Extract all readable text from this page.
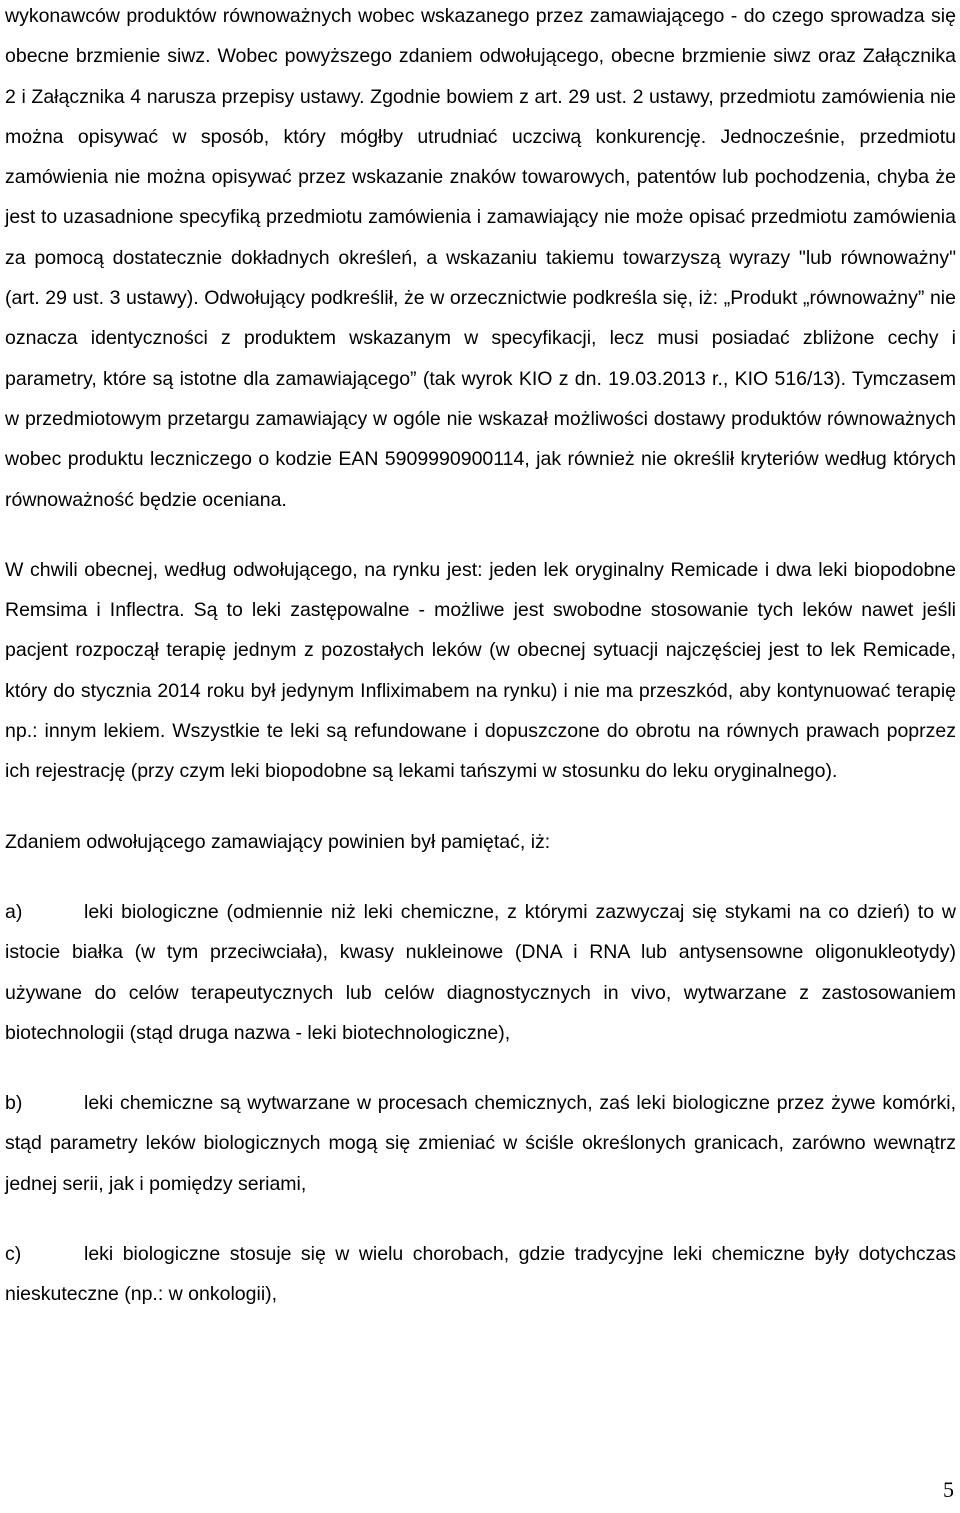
wykonawców produktów równoważnych wobec wskazanego przez zamawiającego - do czego sprowadza się obecne brzmienie siwz. Wobec powyższego zdaniem odwołującego, obecne brzmienie siwz oraz Załącznika 2 i Załącznika 4 narusza przepisy ustawy. Zgodnie bowiem z art. 29 ust. 2 ustawy, przedmiotu zamówienia nie można opisywać w sposób, który mógłby utrudniać uczciwą konkurencję. Jednocześnie, przedmiotu zamówienia nie można opisywać przez wskazanie znaków towarowych, patentów lub pochodzenia, chyba że jest to uzasadnione specyfiką przedmiotu zamówienia i zamawiający nie może opisać przedmiotu zamówienia za pomocą dostatecznie dokładnych określeń, a wskazaniu takiemu towarzyszą wyrazy "lub równoważny" (art. 29 ust. 3 ustawy). Odwołujący podkreślił, że w orzecznictwie podkreśla się, iż: „Produkt „równoważny” nie oznacza identyczności z produktem wskazanym w specyfikacji, lecz musi posiadać zbliżone cechy i parametry, które są istotne dla zamawiającego” (tak wyrok KIO z dn. 19.03.2013 r., KIO 516/13). Tymczasem w przedmiotowym przetargu zamawiający w ogóle nie wskazał możliwości dostawy produktów równoważnych wobec produktu leczniczego o kodzie EAN 5909990900114, jak również nie określił kryteriów według których równoważność będzie oceniana.

W chwili obecnej, według odwołującego, na rynku jest: jeden lek oryginalny Remicade i dwa leki biopodobne Remsima i Inflectra. Są to leki zastępowalne - możliwe jest swobodne stosowanie tych leków nawet jeśli pacjent rozpoczął terapię jednym z pozostałych leków (w obecnej sytuacji najczęściej jest to lek Remicade, który do stycznia 2014 roku był jedynym Infliximabem na rynku) i nie ma przeszkód, aby kontynuować terapię np.: innym lekiem. Wszystkie te leki są refundowane i dopuszczone do obrotu na równych prawach poprzez ich rejestrację (przy czym leki biopodobne są lekami tańszymi w stosunku do leku oryginalnego).

Zdaniem odwołującego zamawiający powinien był pamiętać, iż:

a)	leki biologiczne (odmiennie niż leki chemiczne, z którymi zazwyczaj się stykami na co dzień) to w istocie białka (w tym przeciwciała), kwasy nukleinowe (DNA i RNA lub antysensowne oligonukleotydy) używane do celów terapeutycznych lub celów diagnostycznych in vivo, wytwarzane z zastosowaniem biotechnologii (stąd druga nazwa - leki biotechnologiczne),
b)	leki chemiczne są wytwarzane w procesach chemicznych, zaś leki biologiczne przez żywe komórki, stąd parametry leków biologicznych mogą się zmieniać w ściśle określonych granicach, zarówno wewnątrz jednej serii, jak i pomiędzy seriami,
c)	leki biologiczne stosuje się w wielu chorobach, gdzie tradycyjne leki chemiczne były dotychczas nieskuteczne (np.: w onkologii),
5
